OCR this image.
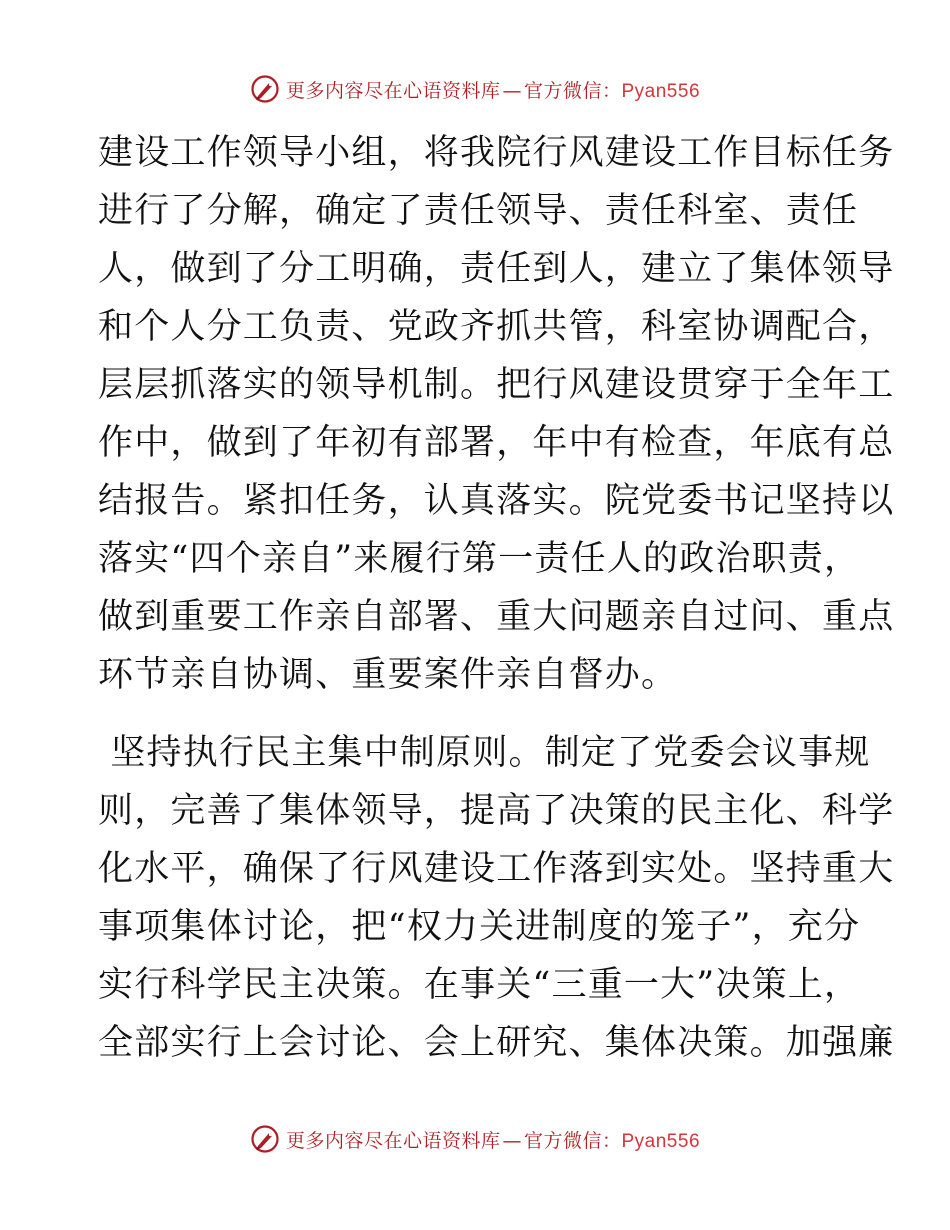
更多内容尽在心语资料库 — 官方微信：Pyan556
建设工作领导小组，将我院行风建设工作目标任务
进行了分解，确定了责任领导、责任科室、责任
人，做到了分工明确，责任到人，建立了集体领导
和个人分工负责、党政齐抓共管，科室协调配合，
层层抓落实的领导机制。把行风建设贯穿于全年工
作中，做到了年初有部署，年中有检查，年底有总
结报告。紧扣任务，认真落实。院党委书记坚持以
落实“四个亲自”来履行第一责任人的政治职责，
做到重要工作亲自部署、重大问题亲自过问、重点
环节亲自协调、重要案件亲自督办。
坚持执行民主集中制原则。制定了党委会议事规
则，完善了集体领导，提高了决策的民主化、科学
化水平，确保了行风建设工作落到实处。坚持重大
事项集体讨论，把“权力关进制度的笼子”，充分
实行科学民主决策。在事关“三重一大”决策上，
全部实行上会讨论、会上研究、集体决策。加强廉
更多内容尽在心语资料库 — 官方微信：Pyan556
